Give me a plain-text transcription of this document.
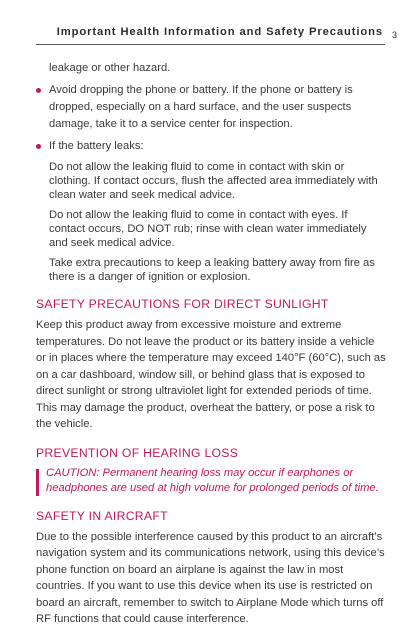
Important Health Information and Safety Precautions 3

leakage or other hazard.

Avoid dropping the phone or battery. If the phone or battery is dropped, especially on a hard surface, and the user suspects damage, take it to a service center for inspection.
If the battery leaks:

Do not allow the leaking fluid to come in contact with skin or clothing. If contact occurs, flush the affected area immediately with clean water and seek medical advice.

Do not allow the leaking fluid to come in contact with eyes. If contact occurs, DO NOT rub; rinse with clean water immediately and seek medical advice.

Take extra precautions to keep a leaking battery away from fire as there is a danger of ignition or explosion.

SAFETY PRECAUTIONS FOR DIRECT SUNLIGHT

Keep this product away from excessive moisture and extreme temperatures. Do not leave the product or its battery inside a vehicle or in places where the temperature may exceed 140°F (60°C), such as on a car dashboard, window sill, or behind glass that is exposed to direct sunlight or strong ultraviolet light for extended periods of time. This may damage the product, overheat the battery, or pose a risk to the vehicle.

PREVENTION OF HEARING LOSS
CAUTION: Permanent hearing loss may occur if earphones or headphones are used at high volume for prolonged periods of time.
SAFETY IN AIRCRAFT

Due to the possible interference caused by this product to an aircraft’s navigation system and its communications network, using this device’s phone function on board an airplane is against the law in most countries. If you want to use this device when its use is restricted on board an aircraft, remember to switch to Airplane Mode which turns off RF functions that could cause interference.
